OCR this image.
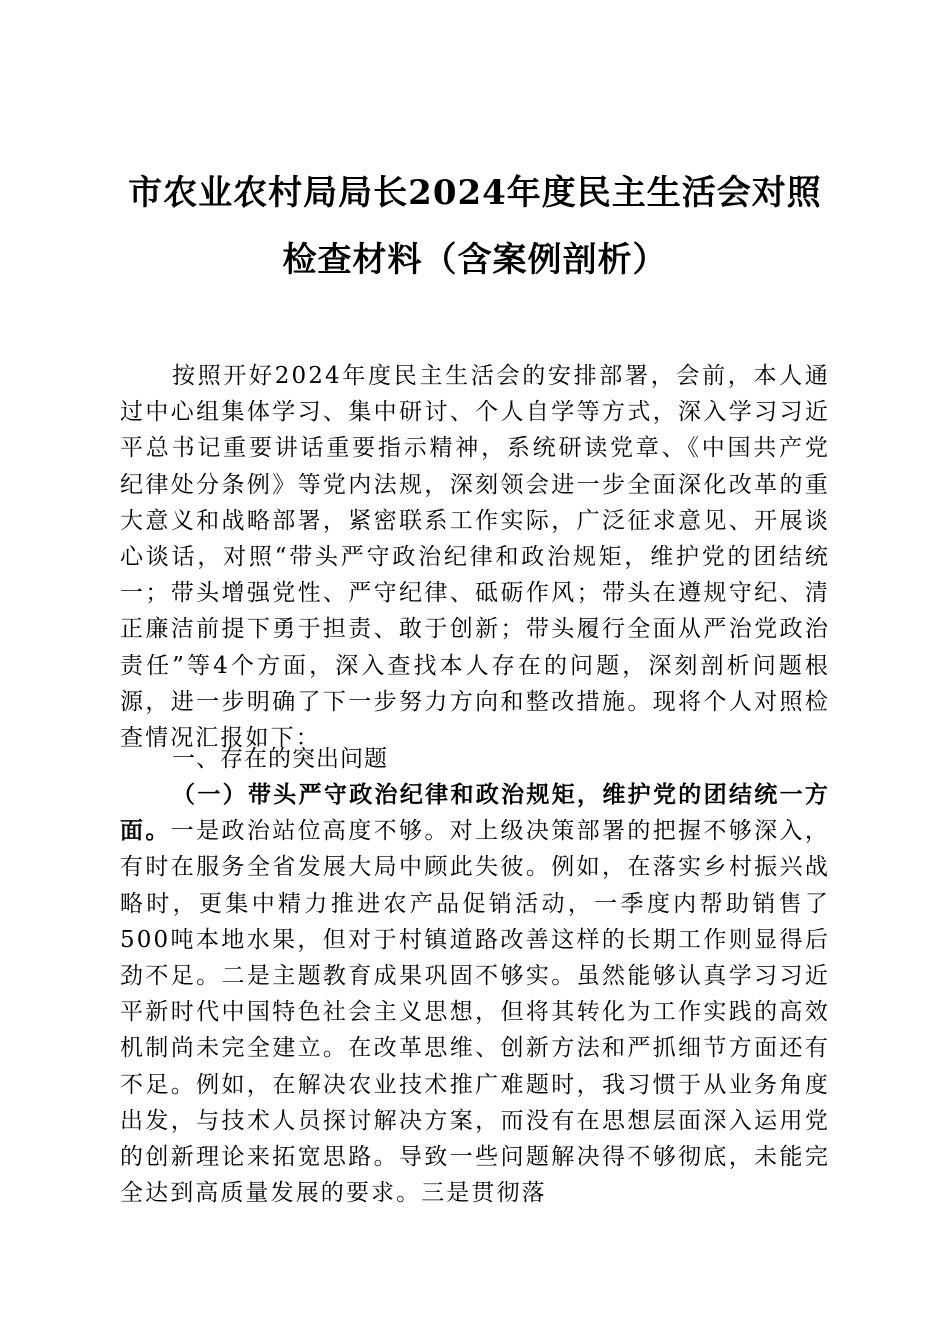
市农业农村局局长2024年度民主生活会对照
检查材料（含案例剖析）

按照开好2024年度民主生活会的安排部署，会前，本人通过中心组集体学习、集中研讨、个人自学等方式，深入学习习近平总书记重要讲话重要指示精神，系统研读党章、《中国共产党纪律处分条例》等党内法规，深刻领会进一步全面深化改革的重大意义和战略部署，紧密联系工作实际，广泛征求意见、开展谈心谈话，对照“带头严守政治纪律和政治规矩，维护党的团结统一；带头增强党性、严守纪律、砥砺作风；带头在遵规守纪、清正廉洁前提下勇于担责、敢于创新；带头履行全面从严治党政治责任”等4个方面，深入查找本人存在的问题，深刻剖析问题根源，进一步明确了下一步努力方向和整改措施。现将个人对照检查情况汇报如下：

一、存在的突出问题

（一）带头严守政治纪律和政治规矩，维护党的团结统一方面。一是政治站位高度不够。对上级决策部署的把握不够深入，有时在服务全省发展大局中顾此失彼。例如，在落实乡村振兴战略时，更集中精力推进农产品促销活动，一季度内帮助销售了500吨本地水果，但对于村镇道路改善这样的长期工作则显得后劲不足。二是主题教育成果巩固不够实。虽然能够认真学习习近平新时代中国特色社会主义思想，但将其转化为工作实践的高效机制尚未完全建立。在改革思维、创新方法和严抓细节方面还有不足。例如，在解决农业技术推广难题时，我习惯于从业务角度出发，与技术人员探讨解决方案，而没有在思想层面深入运用党的创新理论来拓宽思路。导致一些问题解决得不够彻底，未能完全达到高质量发展的要求。三是贯彻落
